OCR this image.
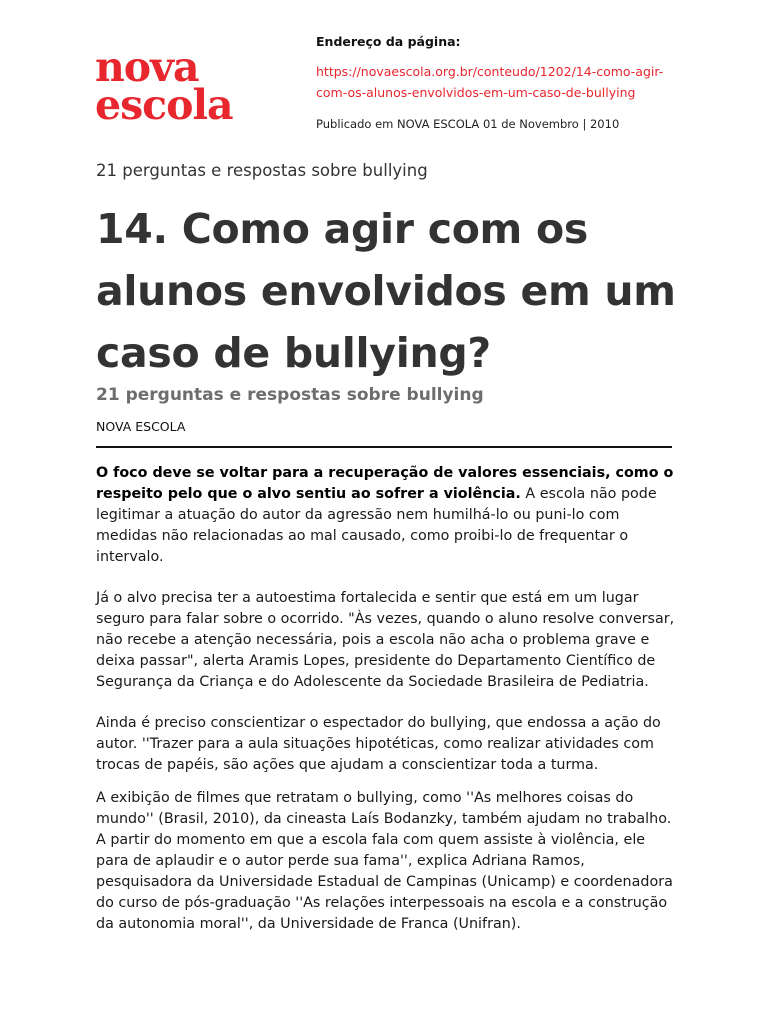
nova
escola
Endereço da página:
https://novaescola.org.br/conteudo/1202/14-como-agir-com-os-alunos-envolvidos-em-um-caso-de-bullying
Publicado em NOVA ESCOLA 01 de Novembro | 2010
21 perguntas e respostas sobre bullying
14. Como agir com os alunos envolvidos em um caso de bullying?
21 perguntas e respostas sobre bullying
NOVA ESCOLA

O foco deve se voltar para a recuperação de valores essenciais, como o respeito pelo que o alvo sentiu ao sofrer a violência. A escola não pode legitimar a atuação do autor da agressão nem humilhá-lo ou puni-lo com medidas não relacionadas ao mal causado, como proibi-lo de frequentar o intervalo.

Já o alvo precisa ter a autoestima fortalecida e sentir que está em um lugar seguro para falar sobre o ocorrido. "Às vezes, quando o aluno resolve conversar, não recebe a atenção necessária, pois a escola não acha o problema grave e deixa passar", alerta Aramis Lopes, presidente do Departamento Científico de Segurança da Criança e do Adolescente da Sociedade Brasileira de Pediatria.

Ainda é preciso conscientizar o espectador do bullying, que endossa a ação do autor. ''Trazer para a aula situações hipotéticas, como realizar atividades com trocas de papéis, são ações que ajudam a conscientizar toda a turma.

A exibição de filmes que retratam o bullying, como ''As melhores coisas do mundo'' (Brasil, 2010), da cineasta Laís Bodanzky, também ajudam no trabalho. A partir do momento em que a escola fala com quem assiste à violência, ele para de aplaudir e o autor perde sua fama'', explica Adriana Ramos, pesquisadora da Universidade Estadual de Campinas (Unicamp) e coordenadora do curso de pós-graduação ''As relações interpessoais na escola e a construção da autonomia moral'', da Universidade de Franca (Unifran).
